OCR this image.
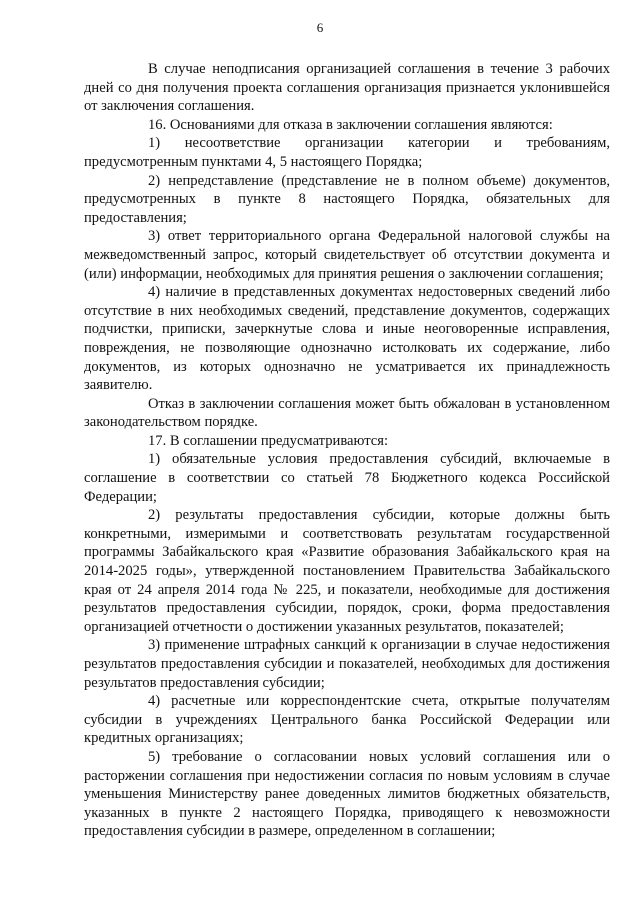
6

В случае неподписания организацией соглашения в течение 3 рабочих дней со дня получения проекта соглашения организация признается уклонившейся от заключения соглашения.

16. Основаниями для отказа в заключении соглашения являются:

1) несоответствие организации категории и требованиям, предусмотренным пунктами 4, 5 настоящего Порядка;

2) непредставление (представление не в полном объеме) документов, предусмотренных в пункте 8 настоящего Порядка, обязательных для предоставления;

3) ответ территориального органа Федеральной налоговой службы на межведомственный запрос, который свидетельствует об отсутствии документа и (или) информации, необходимых для принятия решения о заключении соглашения;

4) наличие в представленных документах недостоверных сведений либо отсутствие в них необходимых сведений, представление документов, содержащих подчистки, приписки, зачеркнутые слова и иные неоговоренные исправления, повреждения, не позволяющие однозначно истолковать их содержание, либо документов, из которых однозначно не усматривается их принадлежность заявителю.

Отказ в заключении соглашения может быть обжалован в установленном законодательством порядке.

17. В соглашении предусматриваются:

1) обязательные условия предоставления субсидий, включаемые в соглашение в соответствии со статьей 78 Бюджетного кодекса Российской Федерации;

2) результаты предоставления субсидии, которые должны быть конкретными, измеримыми и соответствовать результатам государственной программы Забайкальского края «Развитие образования Забайкальского края на 2014-2025 годы», утвержденной постановлением Правительства Забайкальского края от 24 апреля 2014 года № 225, и показатели, необходимые для достижения результатов предоставления субсидии, порядок, сроки, форма предоставления организацией отчетности о достижении указанных результатов, показателей;

3) применение штрафных санкций к организации в случае недостижения результатов предоставления субсидии и показателей, необходимых для достижения результатов предоставления субсидии;

4) расчетные или корреспондентские счета, открытые получателям субсидии в учреждениях Центрального банка Российской Федерации или кредитных организациях;

5) требование о согласовании новых условий соглашения или о расторжении соглашения при недостижении согласия по новым условиям в случае уменьшения Министерству ранее доведенных лимитов бюджетных обязательств, указанных в пункте 2 настоящего Порядка, приводящего к невозможности предоставления субсидии в размере, определенном в соглашении;
